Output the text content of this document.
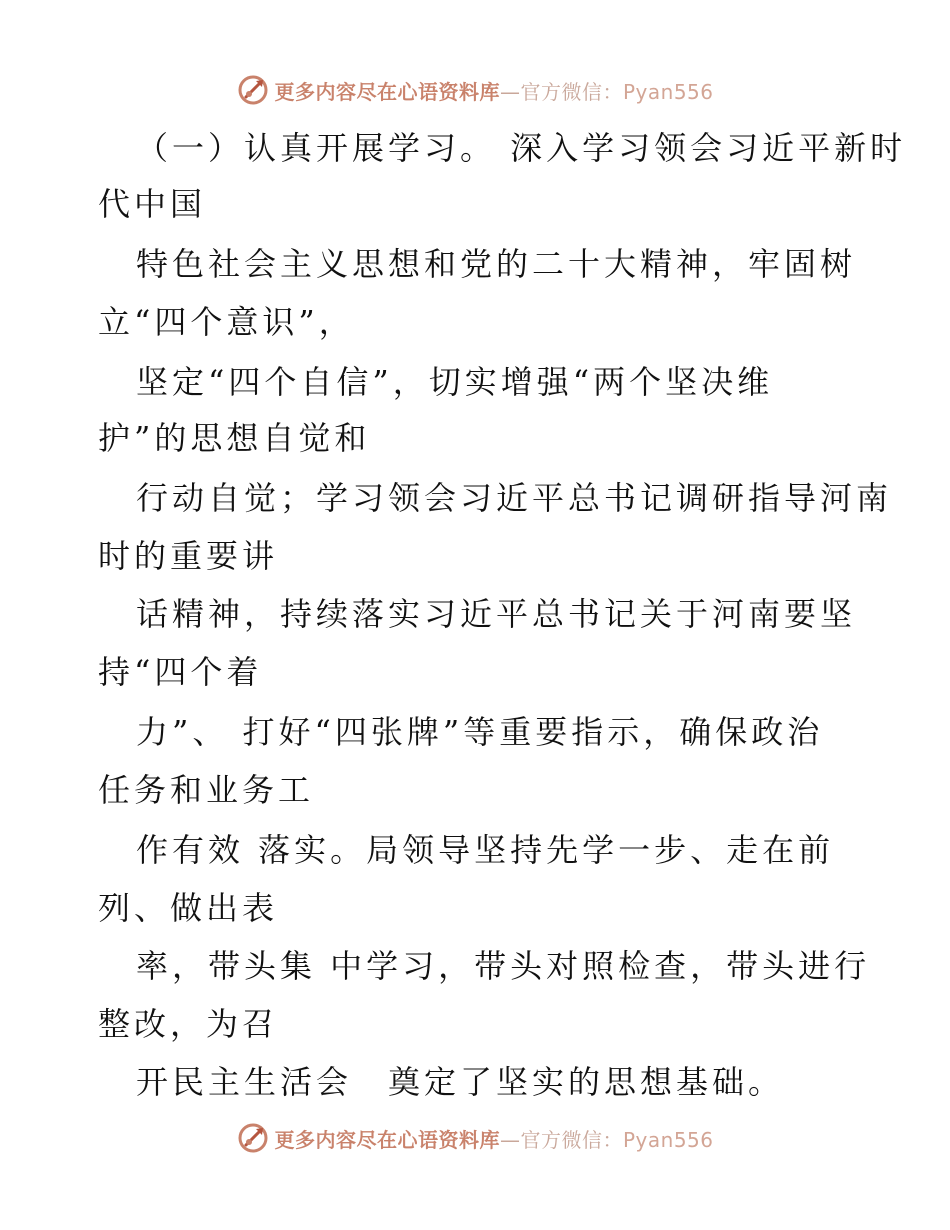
更多内容尽在心语资料库—官方微信：Pyan556
（一）认真开展学习。 深入学习领会习近平新时
代中国
特色社会主义思想和党的二十大精神，牢固树
立“四个意识”，
坚定“四个自信”，切实增强“两个坚决维
护”的思想自觉和
行动自觉；学习领会习近平总书记调研指导河南
时的重要讲
话精神，持续落实习近平总书记关于河南要坚
持“四个着
力”、 打好“四张牌”等重要指示，确保政治
任务和业务工
作有效 落实。局领导坚持先学一步、走在前
列、做出表
率，带头集 中学习，带头对照检查，带头进行
整改，为召
开民主生活会　奠定了坚实的思想基础。
更多内容尽在心语资料库—官方微信：Pyan556
